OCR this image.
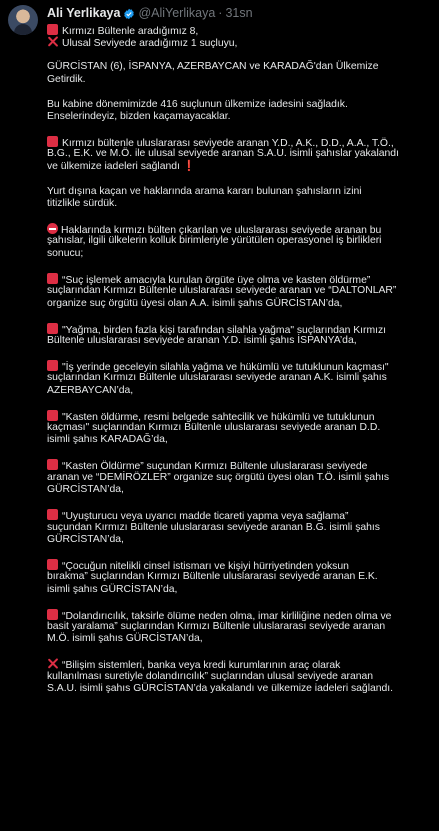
Ali Yerlikaya @AliYerlikaya · 31sn
Kırmızı Bültenle aradığımız 8,
Ulusal Seviyede aradığımız 1 suçluyu,
GÜRCİSTAN (6), İSPANYA, AZERBAYCAN ve KARADAĞ'dan Ülkemize
Getirdik.
Bu kabine dönemimizde 416 suçlunun ülkemize iadesini sağladık.
Enselerindeyiz, bizden kaçamayacaklar.
Kırmızı bültenle uluslararası seviyede aranan Y.D., A.K., D.D., A.A., T.Ö.,
B.G., E.K. ve M.Ö. ile ulusal seviyede aranan S.A.U. isimli şahıslar yakalandı
ve ülkemize iadeleri sağlandı ❗
Yurt dışına kaçan ve haklarında arama kararı bulunan şahısların izini
titizlikle sürdük.
Haklarında kırmızı bülten çıkarılan ve uluslararası seviyede aranan bu
şahıslar, ilgili ülkelerin kolluk birimleriyle yürütülen operasyonel iş birlikleri
sonucu;
“Suç işlemek amacıyla kurulan örgüte üye olma ve kasten öldürme”
suçlarından Kırmızı Bültenle uluslararası seviyede aranan ve “DALTONLAR”
organize suç örgütü üyesi olan A.A. isimli şahıs GÜRCİSTAN’da,
"Yağma, birden fazla kişi tarafından silahla yağma" suçlarından Kırmızı
Bültenle uluslararası seviyede aranan Y.D. isimli şahıs İSPANYA’da,
"İş yerinde geceleyin silahla yağma ve hükümlü ve tutuklunun kaçması"
suçlarından Kırmızı Bültenle uluslararası seviyede aranan A.K. isimli şahıs
AZERBAYCAN’da,
"Kasten öldürme, resmi belgede sahtecilik ve hükümlü ve tutuklunun
kaçması" suçlarından Kırmızı Bültenle uluslararası seviyede aranan D.D.
isimli şahıs KARADAĞ’da,
“Kasten Öldürme” suçundan Kırmızı Bültenle uluslararası seviyede
aranan ve “DEMİRÖZLER” organize suç örgütü üyesi olan T.Ö. isimli şahıs
GÜRCİSTAN’da,
“Uyuşturucu veya uyarıcı madde ticareti yapma veya sağlama”
suçundan Kırmızı Bültenle uluslararası seviyede aranan B.G. isimli şahıs
GÜRCİSTAN’da,
“Çocuğun nitelikli cinsel istismarı ve kişiyi hürriyetinden yoksun
bırakma” suçlarından Kırmızı Bültenle uluslararası seviyede aranan E.K.
isimli şahıs GÜRCİSTAN’da,
“Dolandırıcılık, taksirle ölüme neden olma, imar kirliliğine neden olma ve
basit yaralama” suçlarından Kırmızı Bültenle uluslararası seviyede aranan
M.Ö. isimli şahıs GÜRCİSTAN’da,
“Bilişim sistemleri, banka veya kredi kurumlarının araç olarak
kullanılması suretiyle dolandırıcılık” suçlarından ulusal seviyede aranan
S.A.U. isimli şahıs GÜRCİSTAN’da yakalandı ve ülkemize iadeleri sağlandı.
